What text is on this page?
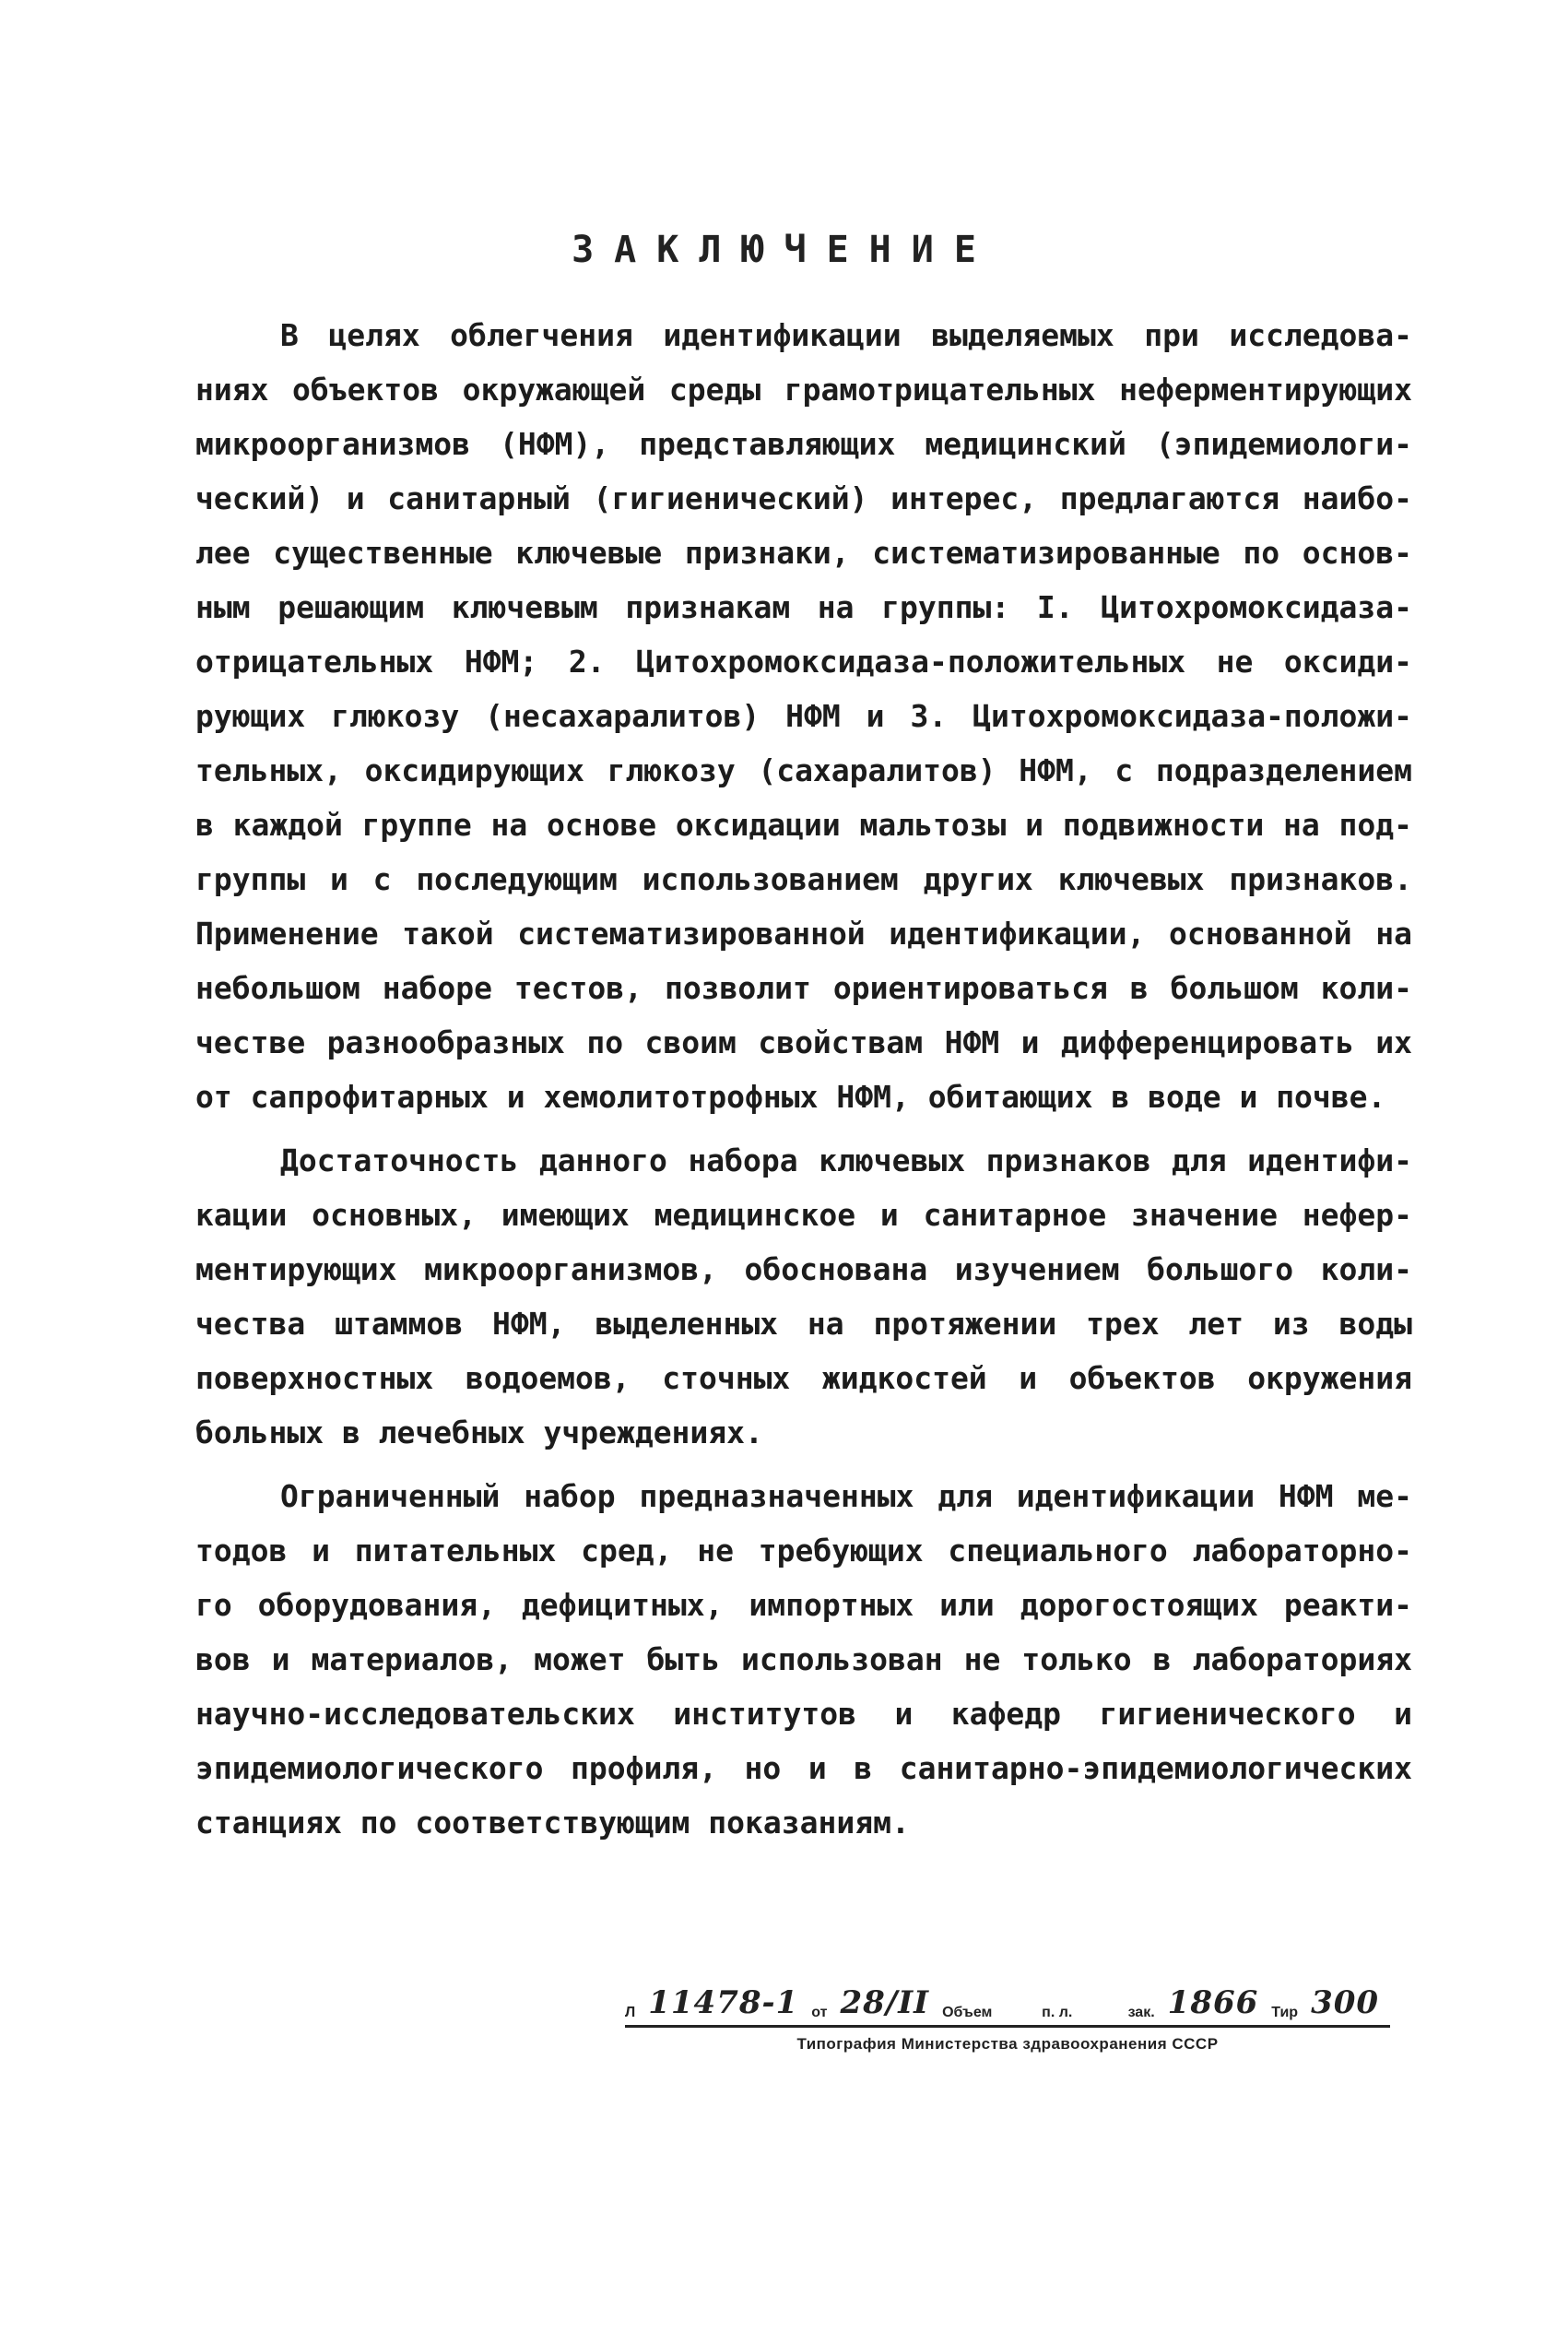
ЗАКЛЮЧЕНИЕ
В целях облегчения идентификации выделяемых при исследова-
ниях объектов окружающей среды грамотрицательных неферментирующих
микроорганизмов (НФМ), представляющих медицинский (эпидемиологи-
ческий) и санитарный (гигиенический) интерес, предлагаются наибо-
лее существенные ключевые признаки, систематизированные по основ-
ным решающим ключевым признакам на группы: I. Цитохромоксидаза-
отрицательных НФМ; 2. Цитохромоксидаза-положительных не оксиди-
рующих глюкозу (несахаралитов) НФМ и 3. Цитохромоксидаза-положи-
тельных, оксидирующих глюкозу (сахаралитов) НФМ, с подразделением
в каждой группе на основе оксидации мальтозы и подвижности на под-
группы и с последующим использованием других ключевых признаков.
Применение такой систематизированной идентификации, основанной на
небольшом наборе тестов, позволит ориентироваться в большом коли-
честве разнообразных по своим свойствам НФМ и дифференцировать их
от сапрофитарных и хемолитотрофных НФМ, обитающих в воде и почве.
Достаточность данного набора ключевых признаков для идентифи-
кации основных, имеющих медицинское и санитарное значение нефер-
ментирующих микроорганизмов, обоснована изучением большого коли-
чества штаммов НФМ, выделенных на протяжении трех лет из воды
поверхностных водоемов, сточных жидкостей и объектов окружения
больных в лечебных учреждениях.
Ограниченный набор предназначенных для идентификации НФМ ме-
тодов и питательных сред, не требующих специального лабораторно-
го оборудования, дефицитных, импортных или дорогостоящих реакти-
вов и материалов, может быть использован не только в лабораториях
научно-исследовательских институтов и кафедр гигиенического и
эпидемиологического профиля, но и в санитарно-эпидемиологических
станциях по соответствующим показаниям.
Л 11478-1 от 28/II Объем
	п. л.
	зак. 1866 Тир 300
Типография Министерства здравоохранения СССР
